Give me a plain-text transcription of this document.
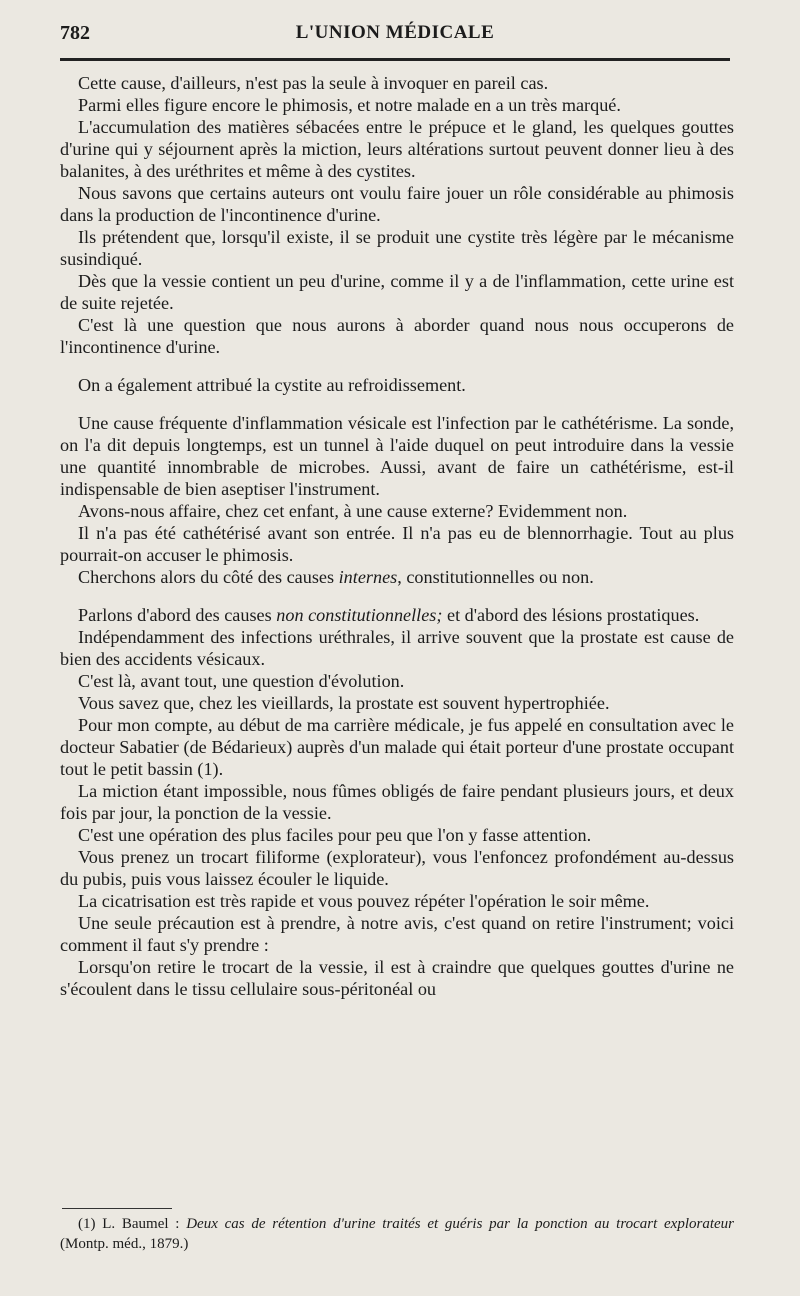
782	L'UNION MÉDICALE

Cette cause, d'ailleurs, n'est pas la seule à invoquer en pareil cas.

Parmi elles figure encore le phimosis, et notre malade en a un très marqué.

L'accumulation des matières sébacées entre le prépuce et le gland, les quelques gouttes d'urine qui y séjournent après la miction, leurs altérations surtout peuvent donner lieu à des balanites, à des uréthrites et même à des cystites.

Nous savons que certains auteurs ont voulu faire jouer un rôle considérable au phimosis dans la production de l'incontinence d'urine.

Ils prétendent que, lorsqu'il existe, il se produit une cystite très légère par le mécanisme susindiqué.

Dès que la vessie contient un peu d'urine, comme il y a de l'inflammation, cette urine est de suite rejetée.

C'est là une question que nous aurons à aborder quand nous nous occuperons de l'incontinence d'urine.

On a également attribué la cystite au refroidissement.

Une cause fréquente d'inflammation vésicale est l'infection par le cathétérisme. La sonde, on l'a dit depuis longtemps, est un tunnel à l'aide duquel on peut introduire dans la vessie une quantité innombrable de microbes. Aussi, avant de faire un cathétérisme, est-il indispensable de bien aseptiser l'instrument.

Avons-nous affaire, chez cet enfant, à une cause externe? Evidemment non.

Il n'a pas été cathétérisé avant son entrée. Il n'a pas eu de blennorrhagie. Tout au plus pourrait-on accuser le phimosis.

Cherchons alors du côté des causes internes, constitutionnelles ou non.

Parlons d'abord des causes non constitutionnelles; et d'abord des lésions prostatiques.

Indépendamment des infections uréthrales, il arrive souvent que la prostate est cause de bien des accidents vésicaux.

C'est là, avant tout, une question d'évolution.

Vous savez que, chez les vieillards, la prostate est souvent hypertrophiée.

Pour mon compte, au début de ma carrière médicale, je fus appelé en consultation avec le docteur Sabatier (de Bédarieux) auprès d'un malade qui était porteur d'une prostate occupant tout le petit bassin (1).

La miction étant impossible, nous fûmes obligés de faire pendant plusieurs jours, et deux fois par jour, la ponction de la vessie.

C'est une opération des plus faciles pour peu que l'on y fasse attention.

Vous prenez un trocart filiforme (explorateur), vous l'enfoncez profondément au-dessus du pubis, puis vous laissez écouler le liquide.

La cicatrisation est très rapide et vous pouvez répéter l'opération le soir même.

Une seule précaution est à prendre, à notre avis, c'est quand on retire l'instrument; voici comment il faut s'y prendre :

Lorsqu'on retire le trocart de la vessie, il est à craindre que quelques gouttes d'urine ne s'écoulent dans le tissu cellulaire sous-péritonéal ou

(1) L. Baumel : Deux cas de rétention d'urine traités et guéris par la ponction au trocart explorateur (Montp. méd., 1879.)
